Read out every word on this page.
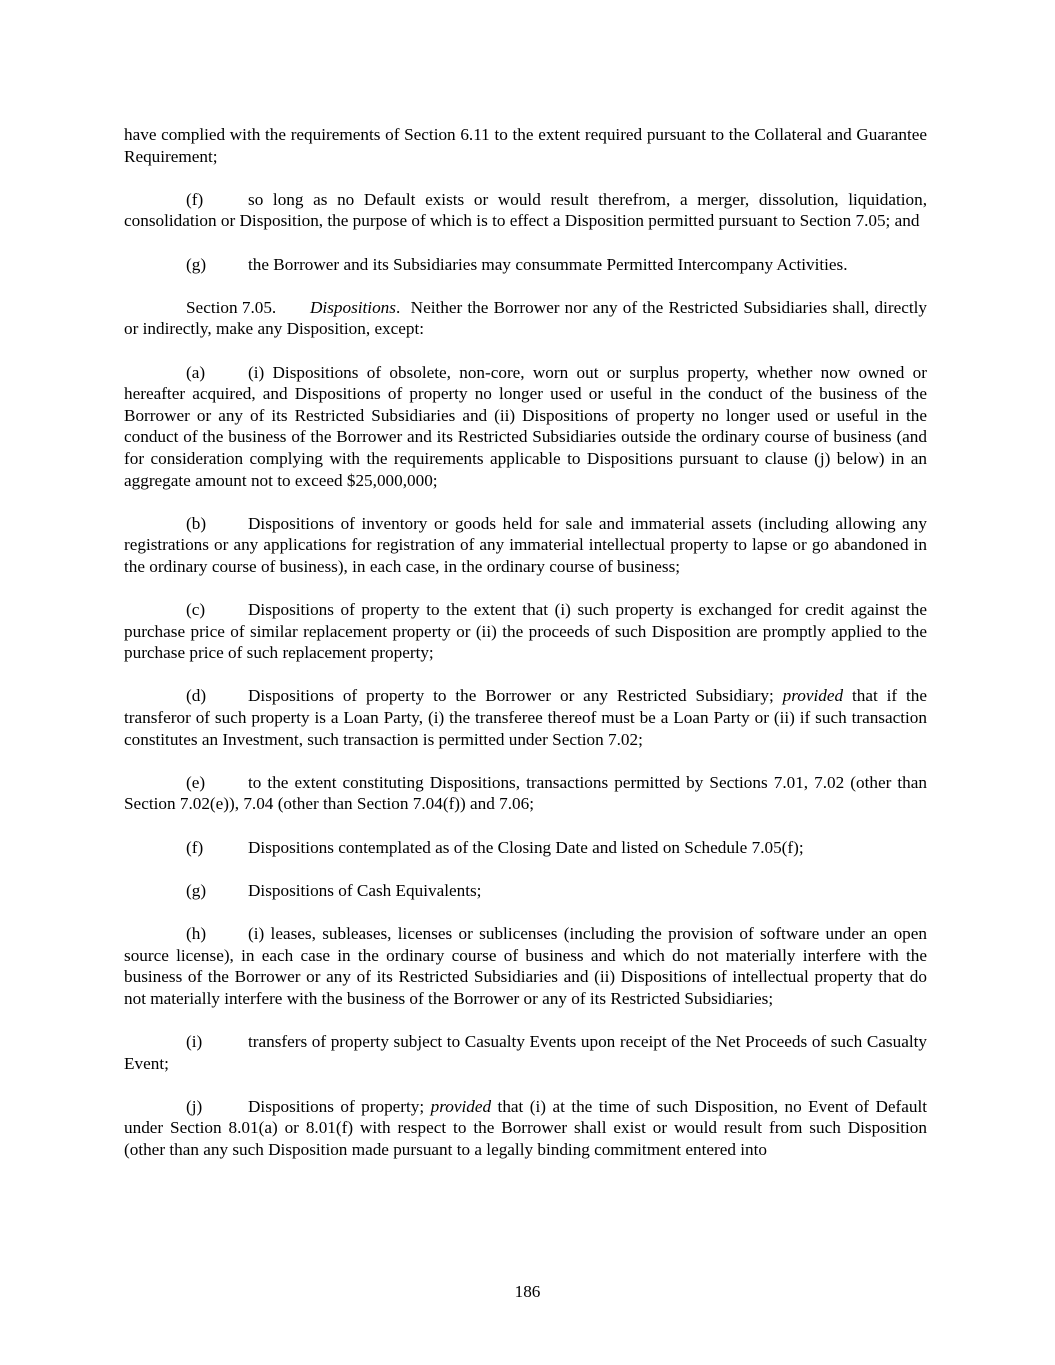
have complied with the requirements of Section 6.11 to the extent required pursuant to the Collateral and Guarantee Requirement;

(f)	so long as no Default exists or would result therefrom, a merger, dissolution, liquidation, consolidation or Disposition, the purpose of which is to effect a Disposition permitted pursuant to Section 7.05; and

(g) the Borrower and its Subsidiaries may consummate Permitted Intercompany Activities.

Section 7.05. Dispositions.  Neither the Borrower nor any of the Restricted Subsidiaries shall, directly or indirectly, make any Disposition, except:

(a) (i) Dispositions of obsolete, non-core, worn out or surplus property, whether now owned or hereafter acquired, and Dispositions of property no longer used or useful in the conduct of the business of the Borrower or any of its Restricted Subsidiaries and (ii) Dispositions of property no longer used or useful in the conduct of the business of the Borrower and its Restricted Subsidiaries outside the ordinary course of business (and for consideration complying with the requirements applicable to Dispositions pursuant to clause (j) below) in an aggregate amount not to exceed $25,000,000;

(b) Dispositions of inventory or goods held for sale and immaterial assets (including allowing any registrations or any applications for registration of any immaterial intellectual property to lapse or go abandoned in the ordinary course of business), in each case, in the ordinary course of business;

(c) Dispositions of property to the extent that (i) such property is exchanged for credit against the purchase price of similar replacement property or (ii) the proceeds of such Disposition are promptly applied to the purchase price of such replacement property;

(d) Dispositions of property to the Borrower or any Restricted Subsidiary; provided that if the transferor of such property is a Loan Party, (i) the transferee thereof must be a Loan Party or (ii) if such transaction constitutes an Investment, such transaction is permitted under Section 7.02;

(e) to the extent constituting Dispositions, transactions permitted by Sections 7.01, 7.02 (other than Section 7.02(e)), 7.04 (other than Section 7.04(f)) and 7.06;

(f)	Dispositions contemplated as of the Closing Date and listed on Schedule 7.05(f);

(g) Dispositions of Cash Equivalents;

(h) (i) leases, subleases, licenses or sublicenses (including the provision of software under an open source license), in each case in the ordinary course of business and which do not materially interfere with the business of the Borrower or any of its Restricted Subsidiaries and (ii) Dispositions of intellectual property that do not materially interfere with the business of the Borrower or any of its Restricted Subsidiaries;

(i)	transfers of property subject to Casualty Events upon receipt of the Net Proceeds of such Casualty Event;

(j)	Dispositions of property; provided that (i) at the time of such Disposition, no Event of Default under Section 8.01(a) or 8.01(f) with respect to the Borrower shall exist or would result from such Disposition (other than any such Disposition made pursuant to a legally binding commitment entered into

186
